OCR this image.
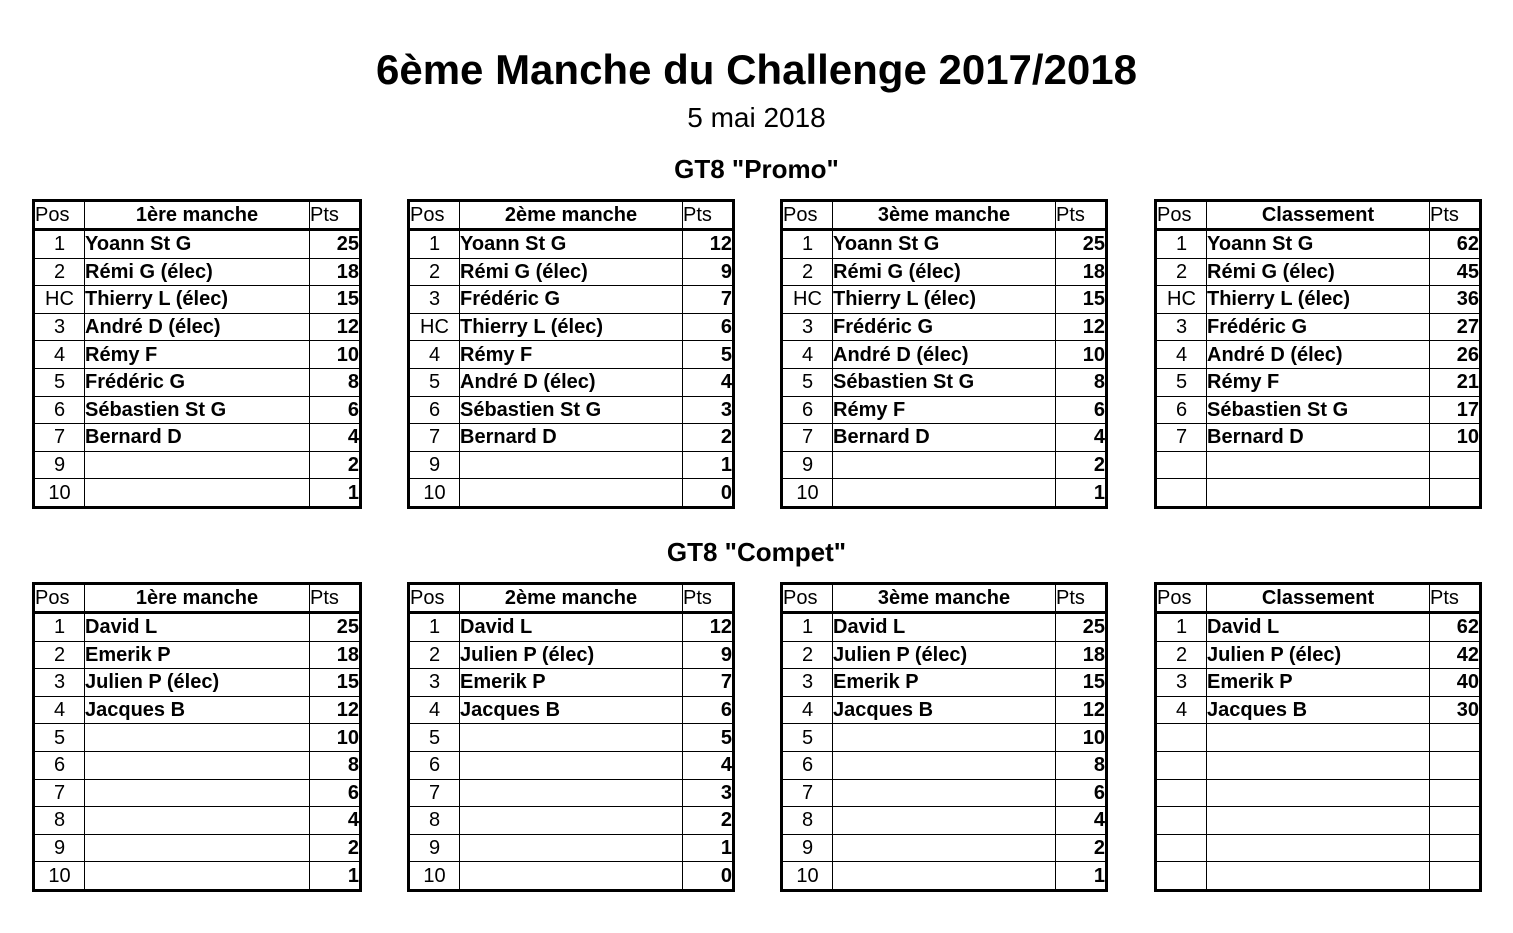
6ème Manche du Challenge 2017/2018
5 mai 2018
GT8 "Promo"
GT8 "Compet"
Pos	1ère manche	Pts
1	Yoann St G	25
2	Rémi G (élec)	18
HC	Thierry L (élec)	15
3	André D (élec)	12
4	Rémy F	10
5	Frédéric G	8
6	Sébastien St G	6
7	Bernard D	4
9		2
10		1
Pos	2ème manche	Pts
1	Yoann St G	12
2	Rémi G (élec)	9
3	Frédéric G	7
HC	Thierry L (élec)	6
4	Rémy F	5
5	André D (élec)	4
6	Sébastien St G	3
7	Bernard D	2
9		1
10		0
Pos	3ème manche	Pts
1	Yoann St G	25
2	Rémi G (élec)	18
HC	Thierry L (élec)	15
3	Frédéric G	12
4	André D (élec)	10
5	Sébastien St G	8
6	Rémy F	6
7	Bernard D	4
9		2
10		1
Pos	Classement	Pts
1	Yoann St G	62
2	Rémi G (élec)	45
HC	Thierry L (élec)	36
3	Frédéric G	27
4	André D (élec)	26
5	Rémy F	21
6	Sébastien St G	17
7	Bernard D	10

Pos	1ère manche	Pts
1	David L	25
2	Emerik P	18
3	Julien P (élec)	15
4	Jacques B	12
5		10
6		8
7		6
8		4
9		2
10		1
Pos	2ème manche	Pts
1	David L	12
2	Julien P (élec)	9
3	Emerik P	7
4	Jacques B	6
5		5
6		4
7		3
8		2
9		1
10		0
Pos	3ème manche	Pts
1	David L	25
2	Julien P (élec)	18
3	Emerik P	15
4	Jacques B	12
5		10
6		8
7		6
8		4
9		2
10		1
Pos	Classement	Pts
1	David L	62
2	Julien P (élec)	42
3	Emerik P	40
4	Jacques B	30
